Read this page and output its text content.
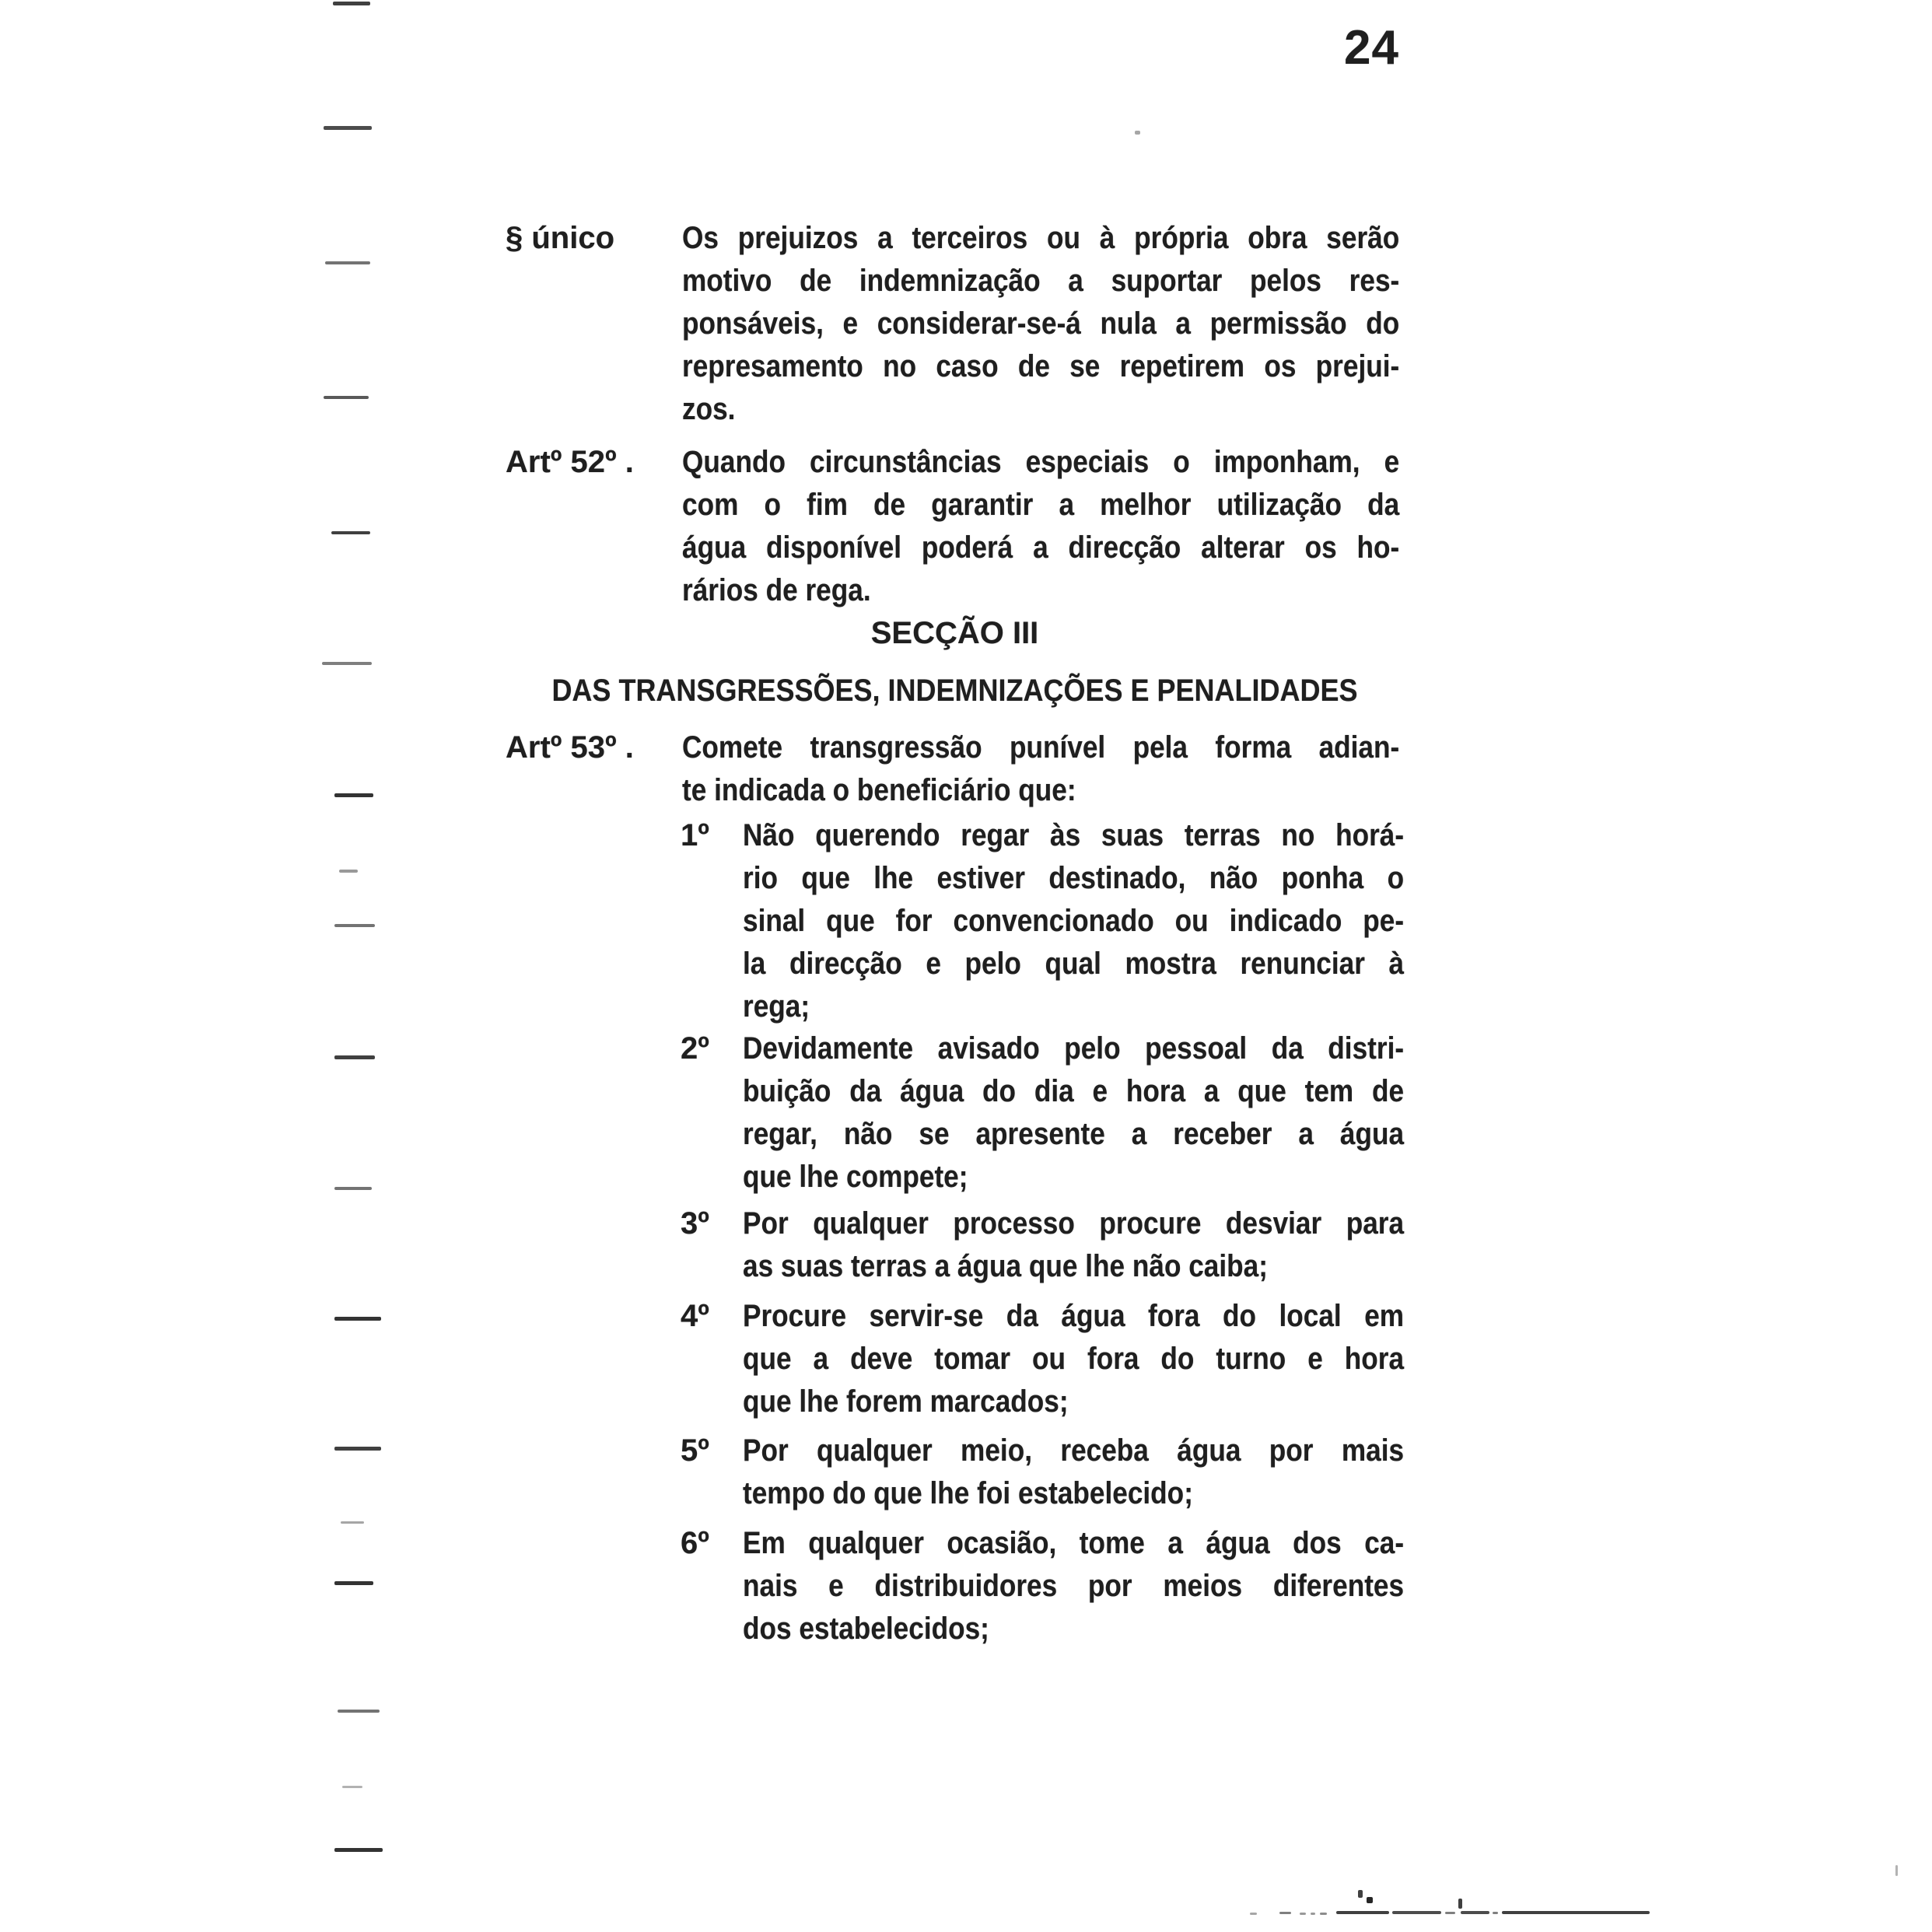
24
§ único Os prejuizos a terceiros ou à própria obra serão
motivo de indemnização a suportar pelos res-
ponsáveis, e considerar-se-á nula a permissão do
represamento no caso de se repetirem os prejui-
zos.
Artº 52º . Quando circunstâncias especiais o imponham, e
com o fim de garantir a melhor utilização da
água disponível poderá a direcção alterar os ho-
rários de rega.
SECÇÃO III
DAS TRANSGRESSÕES, INDEMNIZAÇÕES E PENALIDADES
Artº 53º . Comete transgressão punível pela forma adian-
te indicada o beneficiário que:
1º Não querendo regar às suas terras no horá-
rio que lhe estiver destinado, não ponha o
sinal que for convencionado ou indicado pe-
la direcção e pelo qual mostra renunciar à
rega;
2º Devidamente avisado pelo pessoal da distri-
buição da água do dia e hora a que tem de
regar, não se apresente a receber a água
que lhe compete;
3º Por qualquer processo procure desviar para
as suas terras a água que lhe não caiba;
4º Procure servir-se da água fora do local em
que a deve tomar ou fora do turno e hora
que lhe forem marcados;
5º Por qualquer meio, receba água por mais
tempo do que lhe foi estabelecido;
6º Em qualquer ocasião, tome a água dos ca-
nais e distribuidores por meios diferentes
dos estabelecidos;
